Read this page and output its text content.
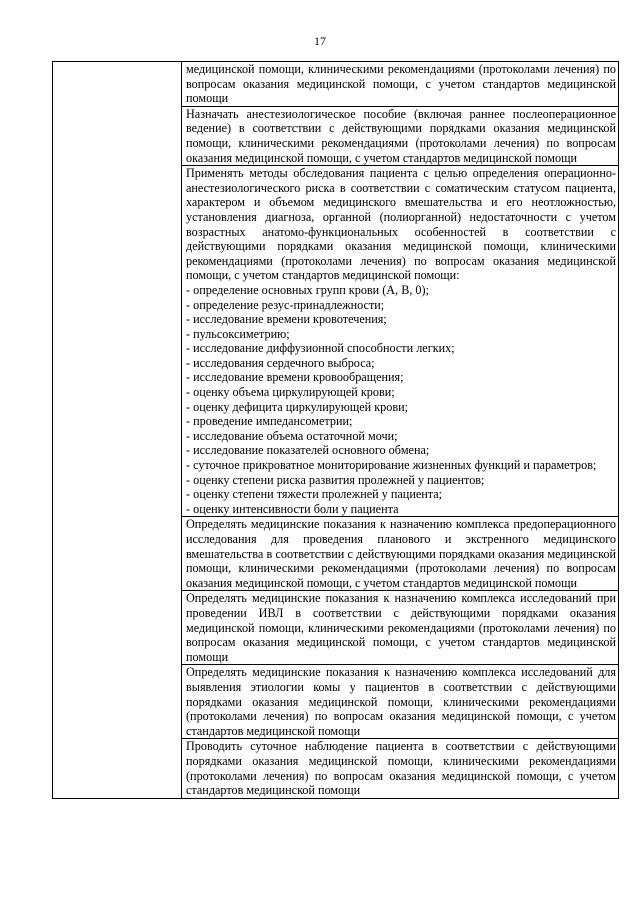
17

медицинской помощи, клиническими рекомендациями (протоколами лечения) по вопросам оказания медицинской помощи, с учетом стандартов медицинской помощи

Назначать анестезиологическое пособие (включая раннее послеоперационное ведение) в соответствии с действующими порядками оказания медицинской помощи, клиническими рекомендациями (протоколами лечения) по вопросам оказания медицинской помощи, с учетом стандартов медицинской помощи

Применять методы обследования пациента с целью определения операционно-анестезиологического риска в соответствии с соматическим статусом пациента, характером и объемом медицинского вмешательства и его неотложностью, установления диагноза, органной (полиорганной) недостаточности с учетом возрастных анатомо-функциональных особенностей в соответствии с действующими порядками оказания медицинской помощи, клиническими рекомендациями (протоколами лечения) по вопросам оказания медицинской помощи, с учетом стандартов медицинской помощи:
- определение основных групп крови (A, B, 0);
- определение резус-принадлежности;
- исследование времени кровотечения;
- пульсоксиметрию;
- исследование диффузионной способности легких;
- исследования сердечного выброса;
- исследование времени кровообращения;
- оценку объема циркулирующей крови;
- оценку дефицита циркулирующей крови;
- проведение импедансометрии;
- исследование объема остаточной мочи;
- исследование показателей основного обмена;
- суточное прикроватное мониторирование жизненных функций и параметров;
- оценку степени риска развития пролежней у пациентов;
- оценку степени тяжести пролежней у пациента;
- оценку интенсивности боли у пациента

Определять медицинские показания к назначению комплекса предоперационного исследования для проведения планового и экстренного медицинского вмешательства в соответствии с действующими порядками оказания медицинской помощи, клиническими рекомендациями (протоколами лечения) по вопросам оказания медицинской помощи, с учетом стандартов медицинской помощи

Определять медицинские показания к назначению комплекса исследований при проведении ИВЛ в соответствии с действующими порядками оказания медицинской помощи, клиническими рекомендациями (протоколами лечения) по вопросам оказания медицинской помощи, с учетом стандартов медицинской помощи

Определять медицинские показания к назначению комплекса исследований для выявления этиологии комы у пациентов в соответствии с действующими порядками оказания медицинской помощи, клиническими рекомендациями (протоколами лечения) по вопросам оказания медицинской помощи, с учетом стандартов медицинской помощи

Проводить суточное наблюдение пациента в соответствии с действующими порядками оказания медицинской помощи, клиническими рекомендациями (протоколами лечения) по вопросам оказания медицинской помощи, с учетом стандартов медицинской помощи
